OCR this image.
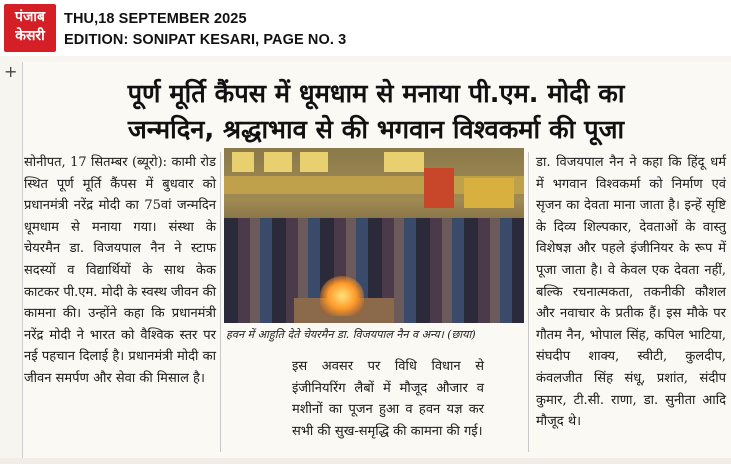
पंजाब
केसरी
THU,18 SEPTEMBER 2025
EDITION: SONIPAT KESARI, PAGE NO. 3
+
पूर्ण मूर्ति कैंपस में धूमधाम से मनाया पी.एम. मोदी का
जन्मदिन, श्रद्धाभाव से की भगवान विश्वकर्मा की पूजा
सोनीपत, 17 सितम्बर (ब्यूरो): कामी रोड स्थित पूर्ण मूर्ति कैंपस में बुधवार को प्रधानमंत्री नरेंद्र मोदी का 75वां जन्मदिन धूमधाम से मनाया गया। संस्था के चेयरमैन डा. विजयपाल नैन ने स्टाफ सदस्यों व विद्यार्थियों के साथ केक काटकर पी.एम. मोदी के स्वस्थ जीवन की कामना की। उन्होंने कहा कि प्रधानमंत्री नरेंद्र मोदी ने भारत को वैश्विक स्तर पर नई पहचान दिलाई है। प्रधानमंत्री मोदी का जीवन समर्पण और सेवा की मिसाल है।
हवन में आहुति देते चेयरमैन डा. विजयपाल नैन व अन्य। (छाया)
इस अवसर पर विधि विधान से इंजीनियरिंग लैबों में मौजूद औजार व मशीनों का पूजन हुआ व हवन यज्ञ कर सभी की सुख-समृद्धि की कामना की गई।
डा. विजयपाल नैन ने कहा कि हिंदू धर्म में भगवान विश्वकर्मा को निर्माण एवं सृजन का देवता माना जाता है। इन्हें सृष्टि के दिव्य शिल्पकार, देवताओं के वास्तु विशेषज्ञ और पहले इंजीनियर के रूप में पूजा जाता है। वे केवल एक देवता नहीं, बल्कि रचनात्मकता, तकनीकी कौशल और नवाचार के प्रतीक हैं। इस मौके पर गौतम नैन, भोपाल सिंह, कपिल भाटिया, संघदीप शाक्य, स्वीटी, कुलदीप, कंवलजीत सिंह संधू, प्रशांत, संदीप कुमार, टी.सी. राणा, डा. सुनीता आदि मौजूद थे।
